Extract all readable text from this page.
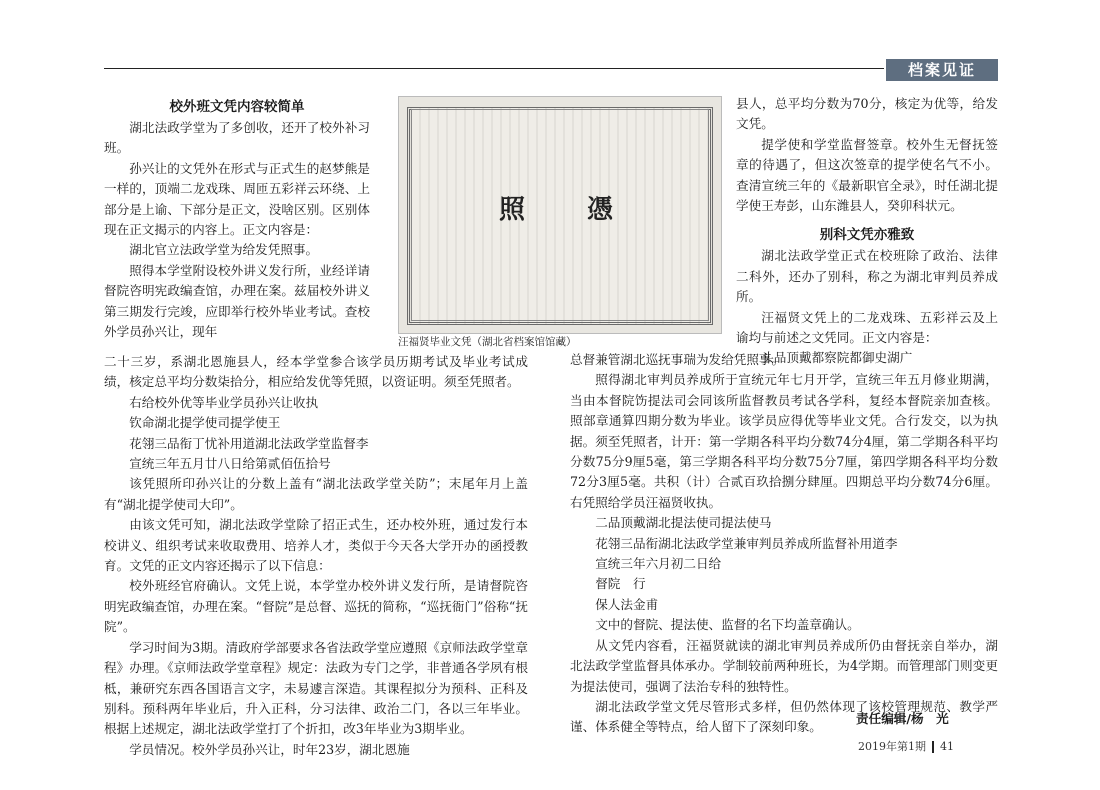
档案见证

校外班文凭内容较简单

湖北法政学堂为了多创收，还开了校外补习班。

孙兴让的文凭外在形式与正式生的赵梦熊是一样的，顶端二龙戏珠、周匝五彩祥云环绕、上部分是上谕、下部分是正文，没啥区别。区别体现在正文揭示的内容上。正文内容是：

湖北官立法政学堂为给发凭照事。

照得本学堂附设校外讲义发行所，业经详请督院咨明宪政编查馆，办理在案。兹届校外讲义第三期发行完竣，应即举行校外毕业考试。查校外学员孙兴让，现年

照 憑
汪福贤毕业文凭（湖北省档案馆馆藏）

二十三岁，系湖北恩施县人，经本学堂参合该学员历期考试及毕业考试成绩，核定总平均分数柒拾分，相应给发优等凭照，以资证明。须至凭照者。

右给校外优等毕业学员孙兴让收执

钦命湖北提学使司提学使王

花翎三品衔丁忧补用道湖北法政学堂监督李

宣统三年五月廿八日给第贰佰伍拾号

该凭照所印孙兴让的分数上盖有“湖北法政学堂关防”；末尾年月上盖有“湖北提学使司大印”。

由该文凭可知，湖北法政学堂除了招正式生，还办校外班，通过发行本校讲义、组织考试来收取费用、培养人才，类似于今天各大学开办的函授教育。文凭的正文内容还揭示了以下信息：

校外班经官府确认。文凭上说，本学堂办校外讲义发行所，是请督院咨明宪政编查馆，办理在案。“督院”是总督、巡抚的简称，“巡抚衙门”俗称“抚院”。

学习时间为3期。清政府学部要求各省法政学堂应遵照《京师法政学堂章程》办理。《京师法政学堂章程》规定：法政为专门之学，非普通各学夙有根柢，兼研究东西各国语言文字，未易遽言深造。其课程拟分为预科、正科及别科。预科两年毕业后，升入正科，分习法律、政治二门，各以三年毕业。根据上述规定，湖北法政学堂打了个折扣，改3年毕业为3期毕业。

学员情况。校外学员孙兴让，时年23岁，湖北恩施

县人，总平均分数为70分，核定为优等，给发文凭。

提学使和学堂监督签章。校外生无督抚签章的待遇了，但这次签章的提学使名气不小。查清宣统三年的《最新职官全录》，时任湖北提学使王寿彭，山东潍县人，癸卯科状元。

别科文凭亦雅致

湖北法政学堂正式在校班除了政治、法律二科外，还办了别科，称之为湖北审判员养成所。

汪福贤文凭上的二龙戏珠、五彩祥云及上谕均与前述之文凭同。正文内容是：

头品顶戴都察院都御史湖广

总督兼管湖北巡抚事瑞为发给凭照事。

照得湖北审判员养成所于宣统元年七月开学，宣统三年五月修业期满，当由本督院饬提法司会同该所监督教员考试各学科，复经本督院亲加查核。照部章通算四期分数为毕业。该学员应得优等毕业文凭。合行发交，以为执据。须至凭照者，计开：第一学期各科平均分数74分4厘，第二学期各科平均分数75分9厘5毫，第三学期各科平均分数75分7厘，第四学期各科平均分数72分3厘5毫。共积（计）合贰百玖拾捌分肆厘。四期总平均分数74分6厘。右凭照给学员汪福贤收执。

二品顶戴湖北提法使司提法使马

花翎三品衔湖北法政学堂兼审判员养成所监督补用道李

宣统三年六月初二日给

督院　行

保人法金甫

文中的督院、提法使、监督的名下均盖章确认。

从文凭内容看，汪福贤就读的湖北审判员养成所仍由督抚亲自举办，湖北法政学堂监督具体承办。学制较前两种班长，为4学期。而管理部门则变更为提法使司，强调了法治专科的独特性。

湖北法政学堂文凭尽管形式多样，但仍然体现了该校管理规范、教学严谨、体系健全等特点，给人留下了深刻印象。

责任编辑/杨　光
2019年第1期 41
